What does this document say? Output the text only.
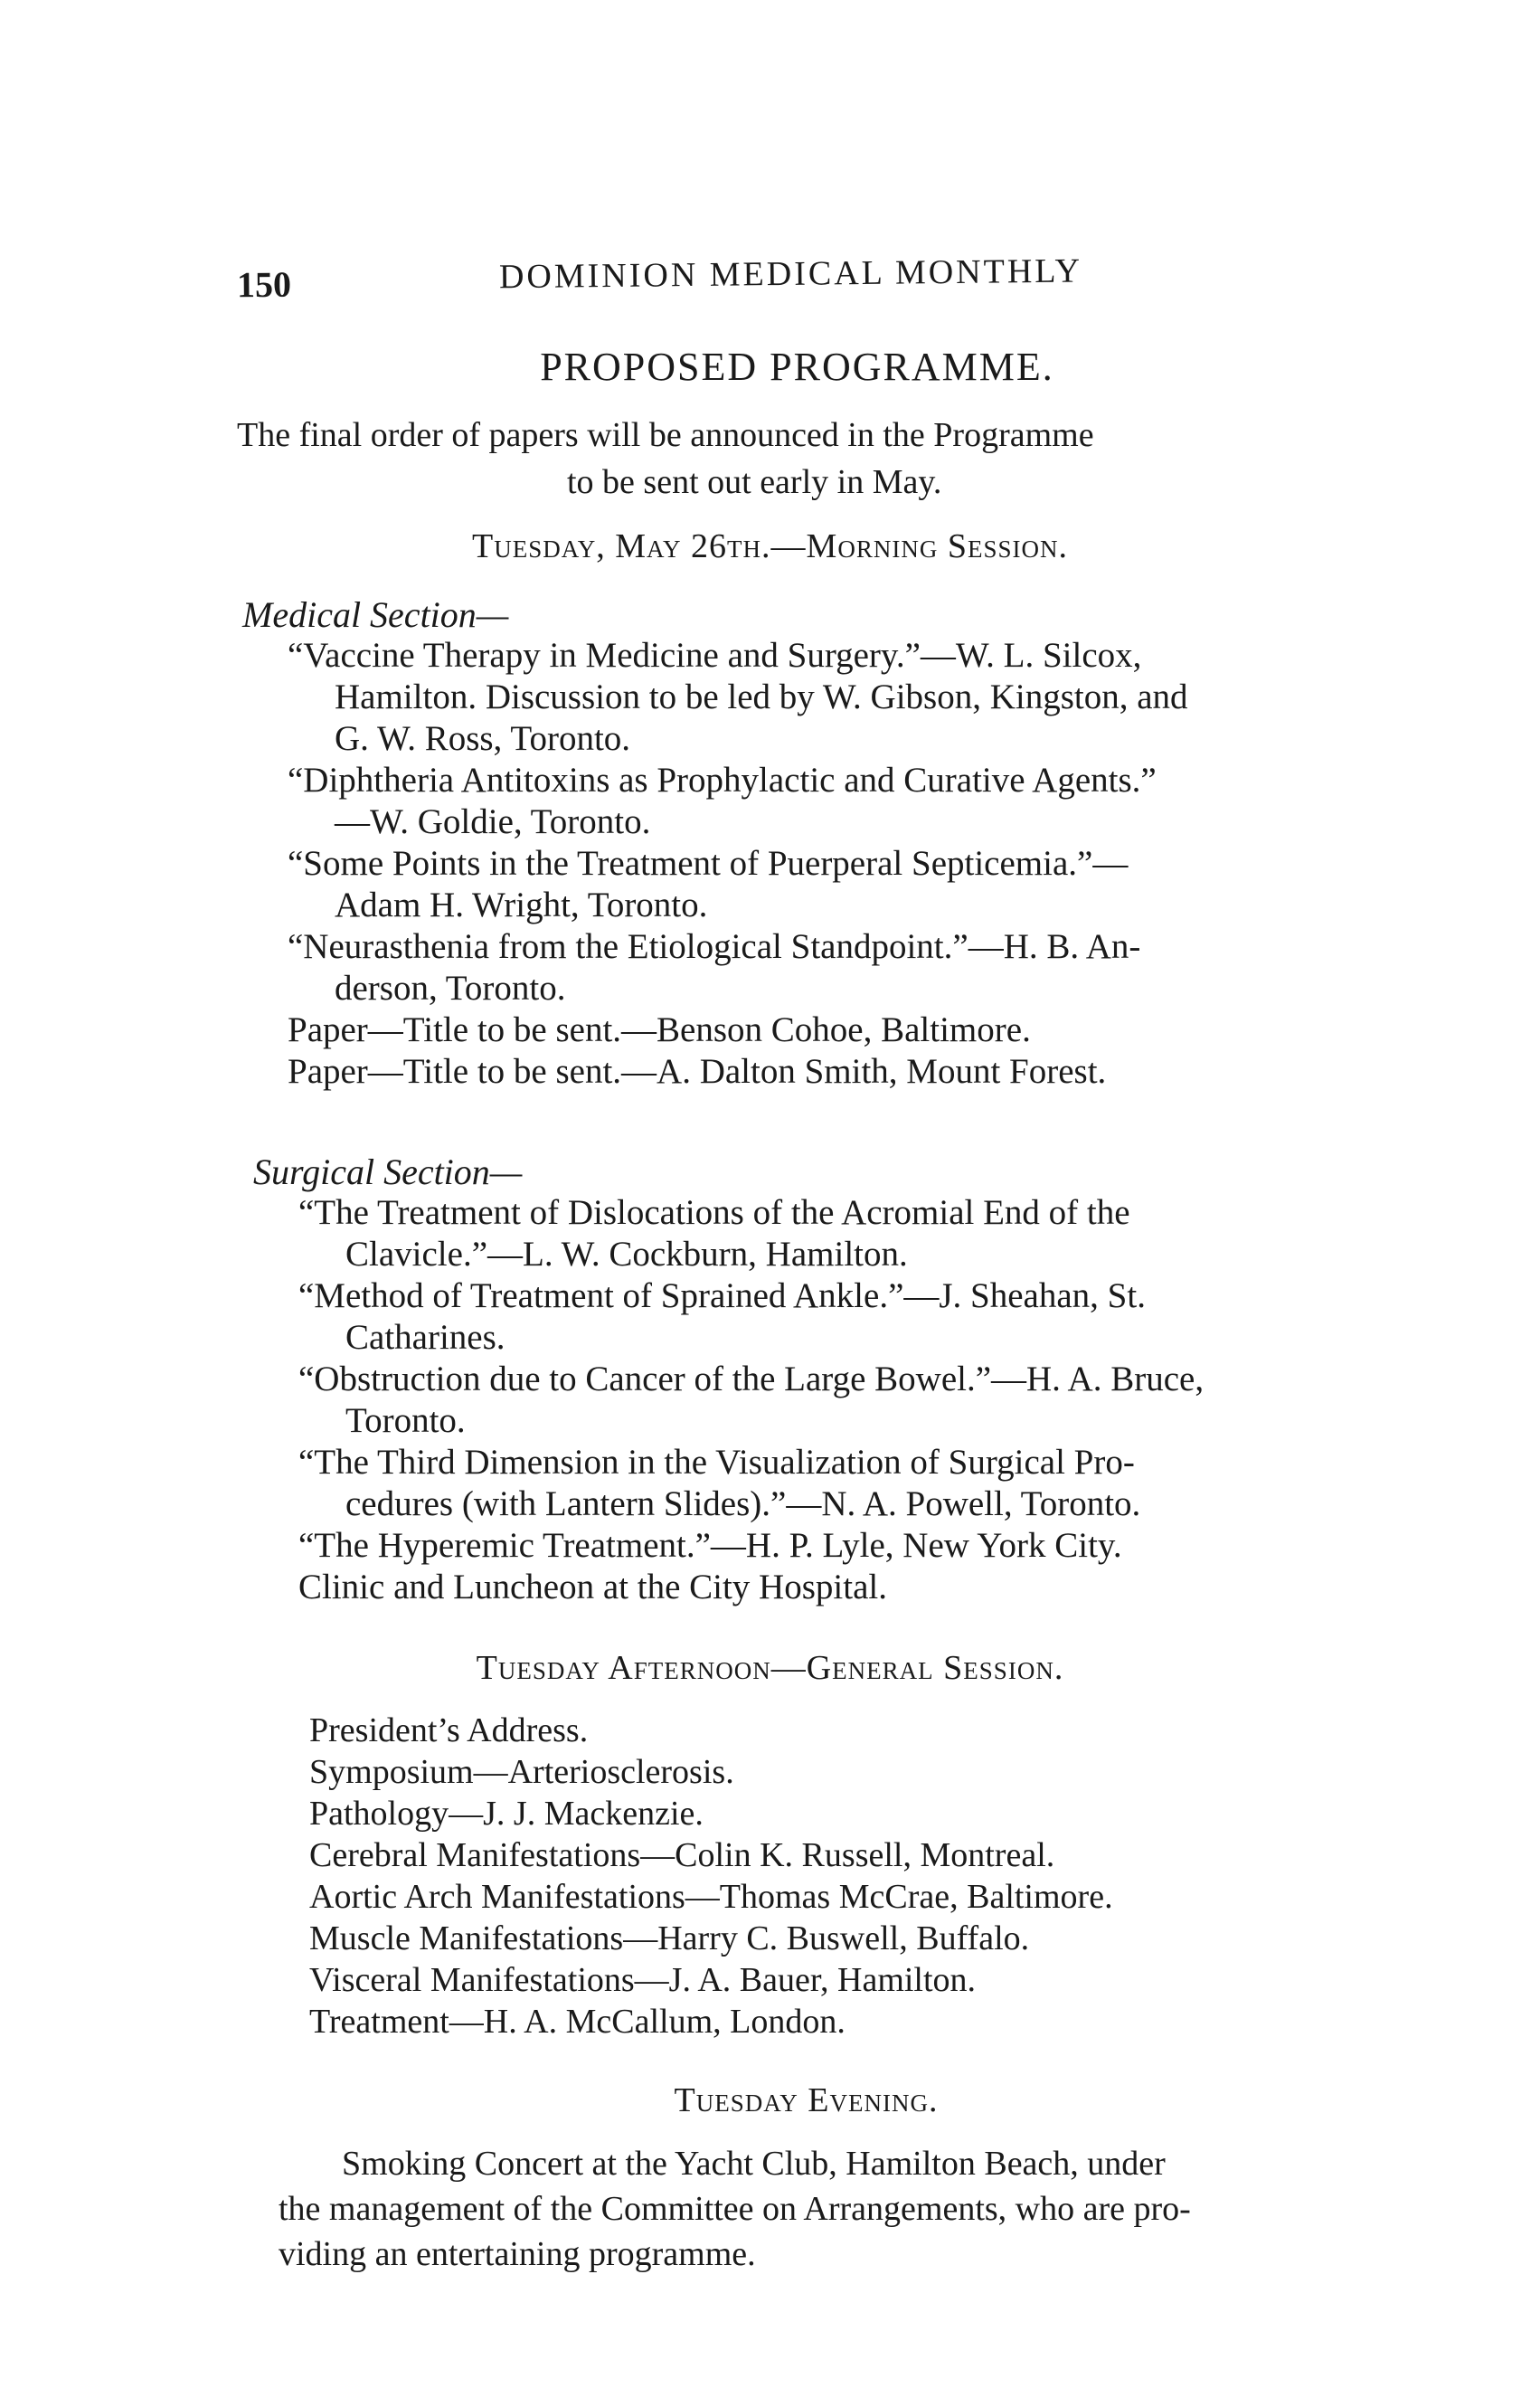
150	DOMINION MEDICAL MONTHLY
PROPOSED PROGRAMME.

The final order of papers will be announced in the Programme

to be sent out early in May.

Tuesday, May 26th.—Morning Session.
Medical Section—
“Vaccine Therapy in Medicine and Surgery.”—W. L. Silcox,
Hamilton. Discussion to be led by W. Gibson, Kingston, and
G. W. Ross, Toronto.
“Diphtheria Antitoxins as Prophylactic and Curative Agents.”
—W. Goldie, Toronto.
“Some Points in the Treatment of Puerperal Septicemia.”—
Adam H. Wright, Toronto.
“Neurasthenia from the Etiological Standpoint.”—H. B. An-
derson, Toronto.
Paper—Title to be sent.—Benson Cohoe, Baltimore.
Paper—Title to be sent.—A. Dalton Smith, Mount Forest.
Surgical Section—
“The Treatment of Dislocations of the Acromial End of the
Clavicle.”—L. W. Cockburn, Hamilton.
“Method of Treatment of Sprained Ankle.”—J. Sheahan, St.
Catharines.
“Obstruction due to Cancer of the Large Bowel.”—H. A. Bruce,
Toronto.
“The Third Dimension in the Visualization of Surgical Pro-
cedures (with Lantern Slides).”—N. A. Powell, Toronto.
“The Hyperemic Treatment.”—H. P. Lyle, New York City.
Clinic and Luncheon at the City Hospital.
Tuesday Afternoon—General Session.
President’s Address.
Symposium—Arteriosclerosis.
Pathology—J. J. Mackenzie.
Cerebral Manifestations—Colin K. Russell, Montreal.
Aortic Arch Manifestations—Thomas McCrae, Baltimore.
Muscle Manifestations—Harry C. Buswell, Buffalo.
Visceral Manifestations—J. A. Bauer, Hamilton.
Treatment—H. A. McCallum, London.
Tuesday Evening.

Smoking Concert at the Yacht Club, Hamilton Beach, under

the management of the Committee on Arrangements, who are pro-

viding an entertaining programme.
